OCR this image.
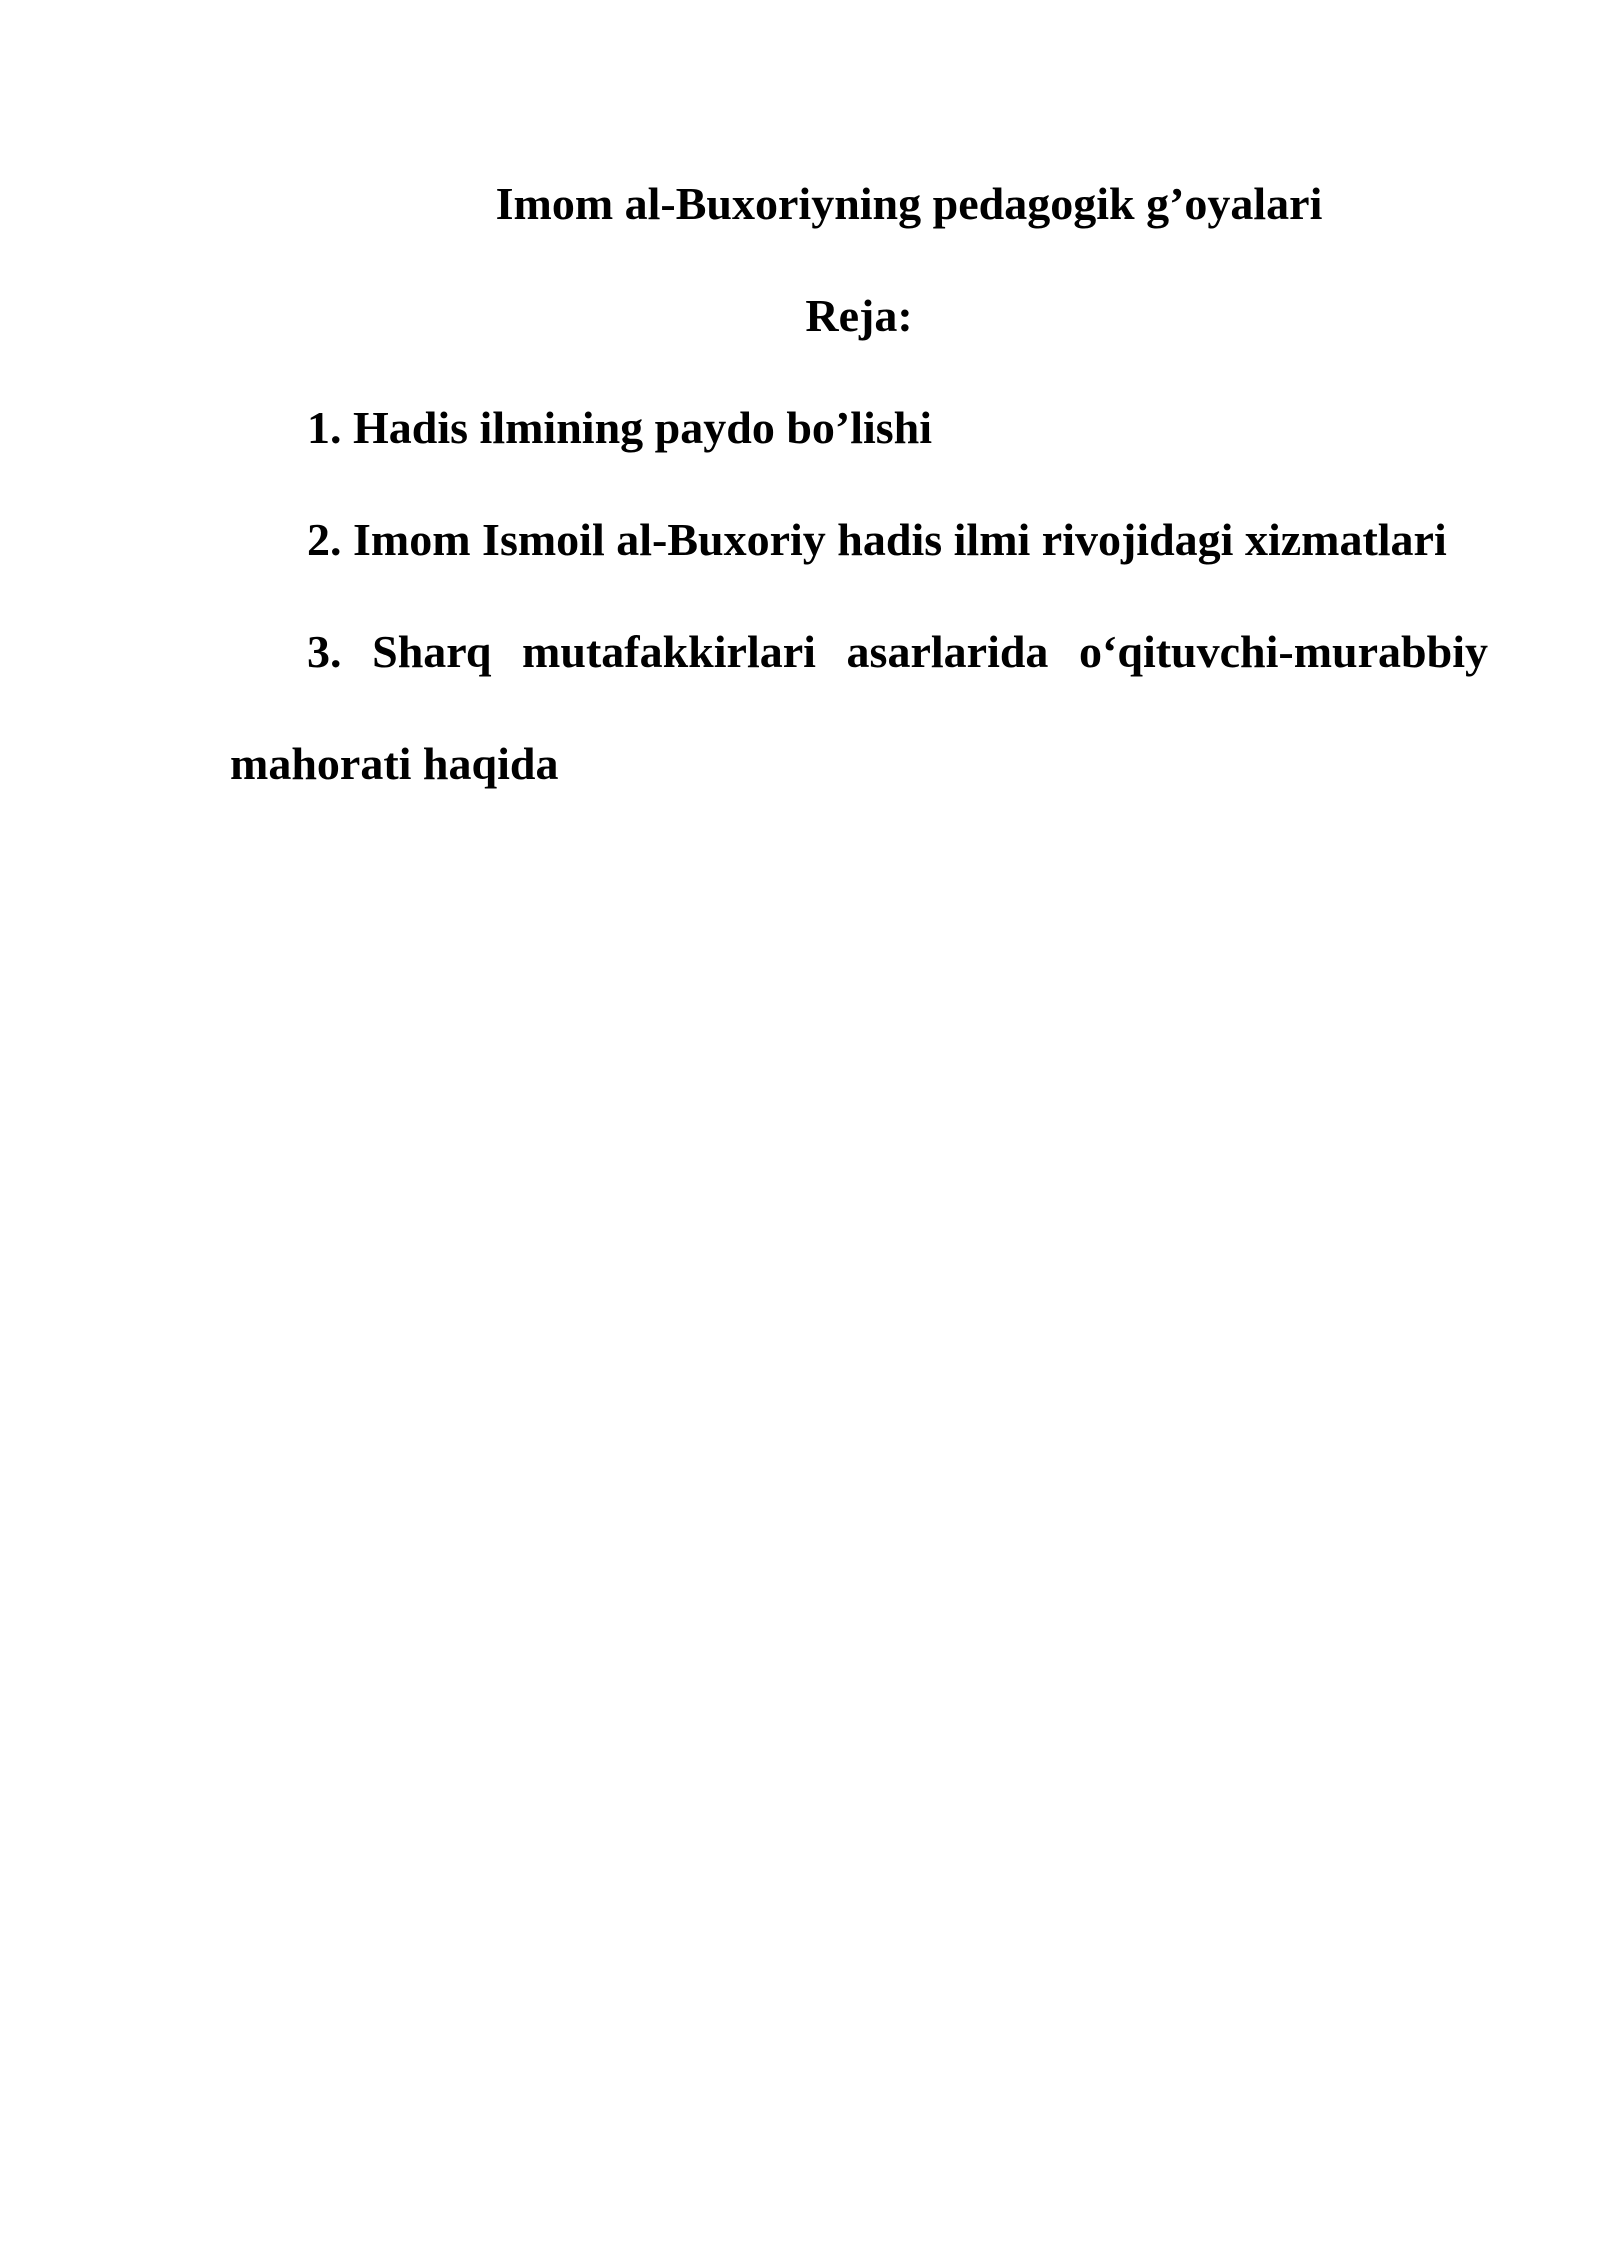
Imom al-Buxoriyning pedagogik g’oyalari
Reja:

1. Hadis ilmining paydo bo’lishi

2. Imom Ismoil al-Buxoriy hadis ilmi rivojidagi xizmatlari

3. Sharq mutafakkirlari asarlarida o‘qituvchi-murabbiy mahorati haqida
